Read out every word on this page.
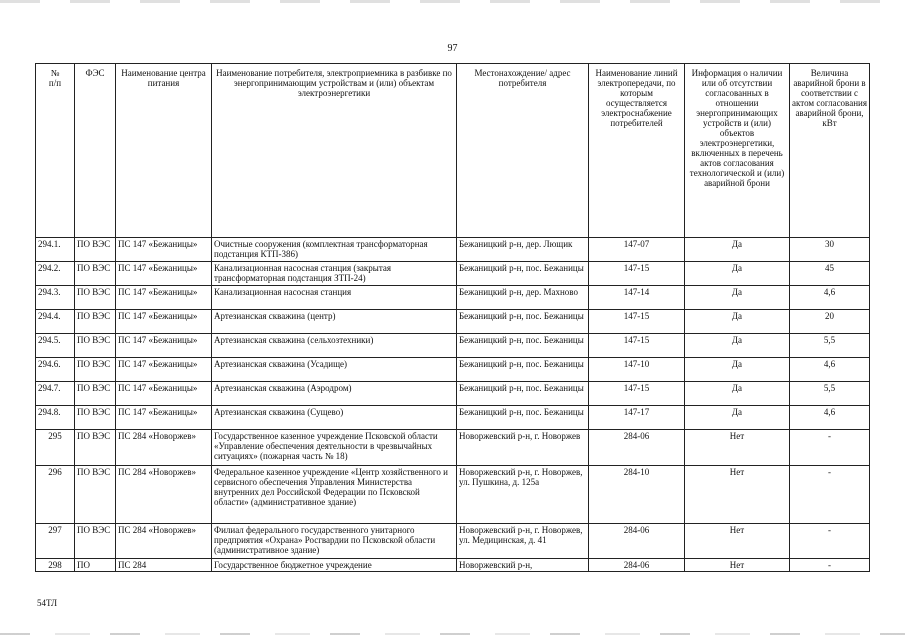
97
№
п/п	ФЭС	Наименование центра питания	Наименование потребителя, электроприемника в разбивке по энергопринимающим устройствам и (или) объектам электроэнергетики	Местонахождение/ адрес потребителя	Наименование линий электропередачи, по которым осуществляется электроснабжение потребителей	Информация о наличии или об отсутствии согласованных в отношении энергопринимающих устройств и (или) объектов электроэнергетики, включенных в перечень актов согласования технологической и (или) аварийной брони	Величина аварийной брони в соответствии с актом согласования аварийной брони, кВт
294.1.	ПО ВЭС	ПС 147 «Бежаницы»	Очистные сооружения (комплектная трансформаторная подстанция КТП-386)	Бежаницкий р-н, дер. Лющик	147-07	Да	30
294.2.	ПО ВЭС	ПС 147 «Бежаницы»	Канализационная насосная станция (закрытая трансформаторная подстанция ЗТП-24)	Бежаницкий р-н, пос. Бежаницы	147-15	Да	45
294.3.	ПО ВЭС	ПС 147 «Бежаницы»	Канализационная насосная станция	Бежаницкий р-н, дер. Махново	147-14	Да	4,6
294.4.	ПО ВЭС	ПС 147 «Бежаницы»	Артезианская скважина (центр)	Бежаницкий р-н, пос. Бежаницы	147-15	Да	20
294.5.	ПО ВЭС	ПС 147 «Бежаницы»	Артезианская скважина (сельхозтехники)	Бежаницкий р-н, пос. Бежаницы	147-15	Да	5,5
294.6.	ПО ВЭС	ПС 147 «Бежаницы»	Артезианская скважина (Усадище)	Бежаницкий р-н, пос. Бежаницы	147-10	Да	4,6
294.7.	ПО ВЭС	ПС 147 «Бежаницы»	Артезианская скважина (Аэродром)	Бежаницкий р-н, пос. Бежаницы	147-15	Да	5,5
294.8.	ПО ВЭС	ПС 147 «Бежаницы»	Артезианская скважина (Сущево)	Бежаницкий р-н, пос. Бежаницы	147-17	Да	4,6
295	ПО ВЭС	ПС 284 «Новоржев»	Государственное казенное учреждение Псковской области «Управление обеспечения деятельности в чрезвычайных ситуациях» (пожарная часть № 18)	Новоржевский р-н, г. Новоржев	284-06	Нет	-
296	ПО ВЭС	ПС 284 «Новоржев»	Федеральное казенное учреждение «Центр хозяйственного и сервисного обеспечения Управления Министерства внутренних дел Российской Федерации по Псковской области» (административное здание)	Новоржевский р-н, г. Новоржев, ул. Пушкина, д. 125а	284-10	Нет	-
297	ПО ВЭС	ПС 284 «Новоржев»	Филиал федерального государственного унитарного предприятия «Охрана» Росгвардии по Псковской области (административное здание)	Новоржевский р-н, г. Новоржев, ул. Медицинская, д. 41	284-06	Нет	-
298	ПО	ПС 284	Государственное бюджетное учреждение	Новоржевский р-н,	284-06	Нет	-
54ТЛ
